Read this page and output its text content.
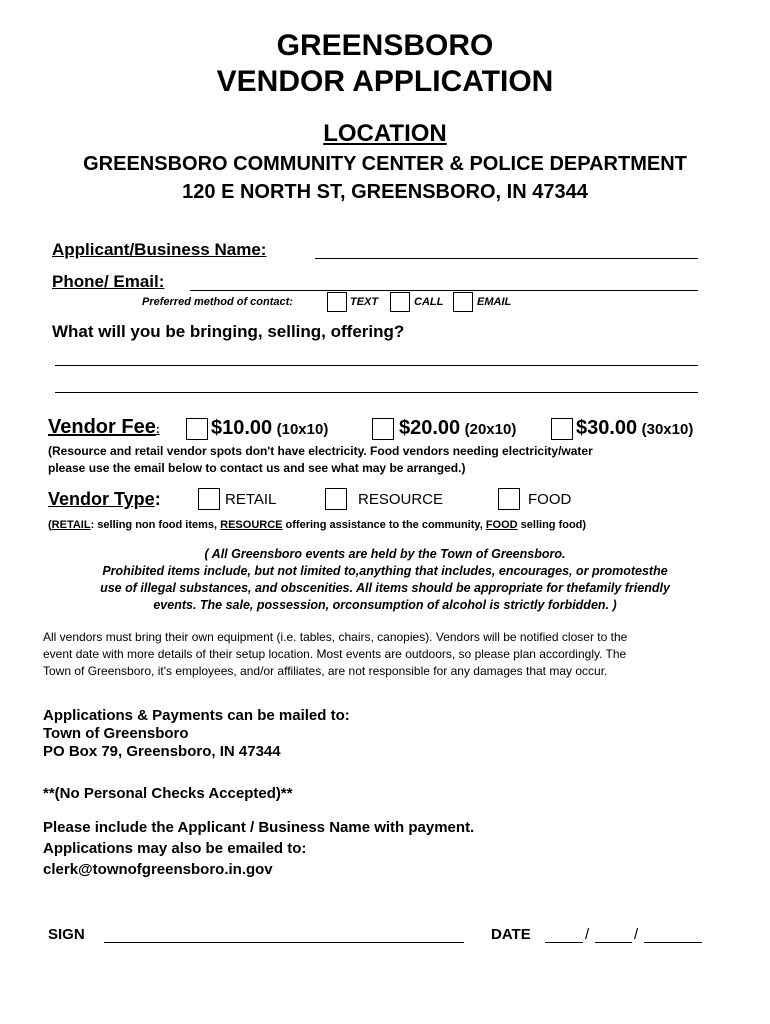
GREENSBORO
VENDOR APPLICATION
LOCATION
GREENSBORO COMMUNITY CENTER & POLICE DEPARTMENT
120 E NORTH ST, GREENSBORO, IN 47344
Applicant/Business Name:
Phone/ Email:
Preferred method of contact:	TEXT	CALL	EMAIL
What will you be bringing, selling, offering?
Vendor Fee:	$10.00 (10x10)	$20.00 (20x10)	$30.00 (30x10)
(Resource and retail vendor spots don't have electricity. Food vendors needing electricity/water
please use the email below to contact us and see what may be arranged.)
Vendor Type:	RETAIL	RESOURCE	FOOD
(RETAIL: selling non food items, RESOURCE offering assistance to the community, FOOD selling food)
( All Greensboro events are held by the Town of Greensboro.
Prohibited items include, but not limited to,anything that includes, encourages, or promotesthe
use of illegal substances, and obscenities. All items should be appropriate for thefamily friendly
events. The sale, possession, orconsumption of alcohol is strictly forbidden. )
All vendors must bring their own equipment (i.e. tables, chairs, canopies). Vendors will be notified closer to the
event date with more details of their setup location. Most events are outdoors, so please plan accordingly. The
Town of Greensboro, it's employees, and/or affiliates, are not responsible for any damages that may occur.
Applications & Payments can be mailed to:
Town of Greensboro
PO Box 79, Greensboro, IN 47344
**(No Personal Checks Accepted)**
Please include the Applicant / Business Name with payment.
Applications may also be emailed to:
clerk@townofgreensboro.in.gov
SIGN	DATE	/	/
